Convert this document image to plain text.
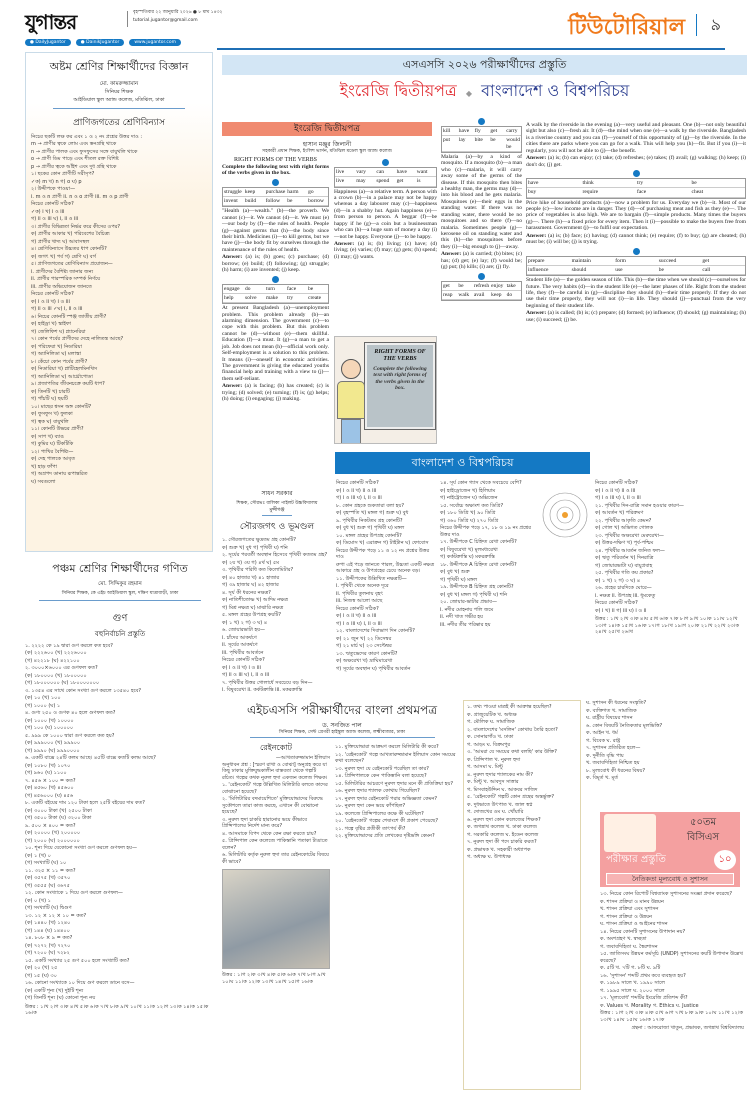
যুগান্তর	বৃহস্পতিবার ২২ জানুয়ারি ২০২৬ ● ৮ মাঘ ১৪৩২
tutorial.jugantor@gmail.com
● DailyJugantor	● DainikJugantor	www.jugantor.com
টিউটোরিয়াল ৯
অষ্টম শ্রেণির শিক্ষার্থীদের বিজ্ঞান
মো. কামরুজ্জামান
সিনিয়র শিক্ষক
আইডিয়াল স্কুল অ্যান্ড কলেজ, মতিঝিল, ঢাকা
প্রাণিজগতের শ্রেণিবিন্যাস

নিচের ছকটি লক্ষ কর এবং ১ ও ২ নং প্রশ্নের উত্তর দাও :

m → প্রাণীর ত্বকে লোম এবং স্তনগ্রন্থি থাকে

n → প্রাণীর পালক এবং ফুসফুসের সঙ্গে বায়ুথলি থাকে

o → প্রাণী ডিম পাড়ে এবং শীতল রক্ত বিশিষ্ট

p → প্রাণীর ত্বকে আঁইশ এবং দুধ গ্রন্থি থাকে

১। ছকের কোন প্রাণীটি সরীসৃপ?

✓ক) m খ) n গ) o ঘ) p

২। উদ্দীপকে পাওয়া—

i. m ও n প্রাণী ii. n ও o প্রাণী iii. m ও p প্রাণী

নিচের কোনটি সঠিক?

✓ক) i খ) i ও iii

গ) ii ও iii ঘ) i, ii ও iii

৩। প্রাণীর বিভিন্নতা নির্ভর করে কীসের ওপর?

ক) প্রাণীর আকার খ) পরিবেশের বৈচিত্র্য

গ) প্রাণীর খাদ্য ঘ) আবাসস্থল

৪। শ্রেণিবিন্যাসে উচ্চতর ধাপ কোনটি?

ক) জগৎ খ) পর্ব গ) শ্রেণি ঘ) বর্গ

৫। প্রাণিজগতের শ্রেণিবিন্যাস প্রয়োজন—

i. প্রাণীদের বৈশিষ্ট্য জানার জন্য

ii. প্রাণীর পারস্পরিক সম্পর্ক নির্ণয়ে

iii. প্রাণীর অভিযোজন জানতে

নিচের কোনটি সঠিক?

ক) i ও ii খ) i ও iii

গ) ii ও iii ✓ঘ) i, ii ও iii

৬। নিচের কোনটি স্পঞ্জ জাতীয় প্রাণী?

ক) হাইড্রা খ) স্কাইফা

গ) জেলিফিশ ঘ) প্ল্যানেরিয়া

৭। কোন পর্বের প্রাণীদের দেহে নালিতন্ত্র আছে?

ক) পরিফেরা খ) নিডারিয়া

গ) অ্যানিলিডা ঘ) মলাস্কা

৮। কেঁচো কোন পর্বের প্রাণী?

ক) নিডারিয়া খ) প্লাটিহেলমিনথিস

গ) অ্যানিলিডা ঘ) আর্থ্রোপোডা

৯। প্রজাপতির জীবনচক্রে কয়টি ধাপ?

ক) তিনটি খ) চারটি

গ) পাঁচটি ঘ) ছয়টি

১০। মাছের শ্বসন অঙ্গ কোনটি?

ক) ফুসফুস খ) ফুলকা

গ) ত্বক ঘ) বায়ুথলি

১১। কোনটি উভচর প্রাণী?

ক) সাপ খ) ব্যাঙ

গ) কুমির ঘ) টিকটিকি

১২। পাখির বৈশিষ্ট্য—

ক) দেহ পালকে আবৃত

খ) হাড় ফাঁপা

গ) অগ্রপদ ডানায় রূপান্তরিত

ঘ) সবগুলো

পঞ্চম শ্রেণির শিক্ষার্থীদের গণিত
মো. সিদ্দিকুর রহমান
সিনিয়র শিক্ষক, কে এইচ আইডিয়াল স্কুল, দক্ষিণ যাত্রাবাড়ী, ঢাকা
গুণ
বহুনির্বাচনি প্রস্তুতি

১. ২২২২ কে ১৯ দ্বারা গুণ করলে কত হবে?

(ক) ২২২৬০০ (খ) ২২২৬০০০

(গ) ৪২২১৮ (ঘ) ৪২২১০০

২. ৩০০০×৬০০০ এর গুণফল কত?

(ক) ১৮০০০০ (খ) ১৮০০০০০

(গ) ১৮০০০০০০ (ঘ) ১৮০০০০০০০

৩. ১৩৫৪ এর সাথে কোন সংখ্যা গুণ করলে ১৩৫৪০ হবে?

(ক) ১০ (খ) ১০০

(গ) ১০০০ (ঘ) ১

৪. গুণ্য ২৫০ ও গুণক ৪০ হলে গুণফল কত?

(ক) ১০০০ (খ) ১০০০০

(গ) ১০০ (ঘ) ১০০০০০

৫. ৯৯৯ কে ১০০০ দ্বারা গুণ করলে কত হয়?

(ক) ৯৯৯০০০ (খ) ৯৯৯০০

(গ) ৯৯৯০ (ঘ) ৯৯৯০০০০

৬. একটি বাক্সে ২৪টি কলম আছে। ৪৫টি বাক্সে কতটি কলম আছে?

(ক) ১০৮০ (খ) ১০৭০

(গ) ৯৬০ (ঘ) ১১০০

৭. ৪৫৬ × ১০০ = কত?

(ক) ৪৫৬০ (খ) ৪৫৬০০

(গ) ৪৫৬০০০ (ঘ) ৪৫৬

৮. একটি বইয়ের দাম ১২০ টাকা হলে ২৫টি বইয়ের দাম কত?

(ক) ৩০০০ টাকা (খ) ২৫০০ টাকা

(গ) ৩৫০০ টাকা (ঘ) ৩২০০ টাকা

৯. ৫০০ × ৪০০ = কত?

(ক) ২০০০০ (খ) ২০০০০০

(গ) ২০০০ (ঘ) ২০০০০০০

১০. শূন্য দিয়ে যেকোনো সংখ্যা গুণ করলে গুণফল হয়—

(ক) ১ (খ) ০

(গ) সংখ্যাটি (ঘ) ১০

১১. ৩২৫ × ১১ = কত?

(ক) ৩৫৭৫ (খ) ৩৫৭০

(গ) ৩৫৫৫ (ঘ) ৩৬৭৫

১২. কোন সংখ্যাকে ১ দিয়ে গুণ করলে গুণফল—

(ক) ০ (খ) ১

(গ) সংখ্যাটি (ঘ) দ্বিগুণ

১৩. ১২ × ১২ × ১০ = কত?

(ক) ১৪৪০ (খ) ১২৪০

(গ) ১৪৪ (ঘ) ১৪৪০০

১৪. ৮০৮ × ৯ = কত?

(ক) ৭২৭২ (খ) ৭২৭০

(গ) ৭২০০ (ঘ) ৭২৮২

১৫. একটি সংখ্যার ২৫ গুণ ৫০০ হলে সংখ্যাটি কত?

(ক) ২০ (খ) ২৫

(গ) ১৫ (ঘ) ৩০

১৬. কোনো সংখ্যাকে ১০ দিয়ে গুণ করলে ডানে বসে—

(ক) একটি শূন্য (খ) দুইটি শূন্য

(গ) তিনটি শূন্য (ঘ) কোনো শূন্য নয়

উত্তর : ১।খ ২।গ ৩।ক ৪।খ ৫।ক ৬।ক ৭।খ ৮।ক ৯।খ ১০।খ ১১।ক ১২।গ ১৩।ক ১৪।ক ১৫।ক ১৬।ক
এসএসসি ২০২৬ পরীক্ষার্থীদের প্রস্তুতি
ইংরেজি দ্বিতীয়পত্র ◆ বাংলাদেশ ও বিশ্বপরিচয়
ইংরেজি দ্বিতীয়পত্র
হাসান মঞ্জুর জিলানী
সহকারী প্রধান শিক্ষক, ইংলিশ ভার্সন, মতিঝিল মডেল স্কুল অ্যান্ড কলেজ
RIGHT FORMS OF THE VERBS
Complete the following text with right forms of the verbs given in the box.
struggle keep	purchase harm	go
invent	build	follow	be	borrow

"Health (a)—wealth." (b)—the proverb. We cannot (c)—it. We cannot (d)—it. We must (e)—our body by (f)—the rules of health. People (g)—against germs that (h)—the body since their birth. Medicines (i)—to kill germs, but we have (j)—the body fit by ourselves through the maintenance of the rules of health.

Answer: (a) is; (b) goes; (c) purchase; (d) borrow; (e) build; (f) following; (g) struggle; (h) harm; (i) are invented; (j) keep.

engage do	turn	face	be
help	solve	make	try	create

At present Bangladesh (a)—unemployment problem. This problem already (b)—an alarming dimension. The government (c)—to cope with this problem. But this problem cannot be (d)—without (e)—them skillful. Education (f)—a must. It (g)—a man to get a job. Job does not mean (h)—official work only. Self-employment is a solution to this problem. It means (i)—oneself in economic activities. The government is giving the educated youths financial help and training with a view to (j)—them self-reliant.

Answer: (a) is facing; (b) has created; (c) is trying; (d) solved; (e) turning; (f) is; (g) helps; (h) doing; (i) engaging; (j) making.

live	vary	can	have	want
live	may	spend	get	is

Happiness (a)—a relative term. A person with a crown (b)—in a palace may not be happy whereas a day labourer may (c)—happiness (d)—in a shabby hut. Again happiness (e)—from person to person. A beggar (f)—be happy if he (g)—a coin but a businessman who can (h)—a huge sum of money a day (i)—not be happy. Everyone (j)—to be happy.

Answer: (a) is; (b) living; (c) have; (d) living; (e) varies; (f) may; (g) gets; (h) spend; (i) may; (j) wants.

kill	have fly	get	carry
put	lay	bite	be	would be

Malaria (a)—by a kind of mosquito. If a mosquito (b)—a man who (c)—malaria, it will carry away some of the germs of the disease. If this mosquito then bites a healthy man, the germs may (d)—into his blood and he gets malaria. Mosquitoes (e)—their eggs in the standing water. If there was no standing water, there would be no mosquitoes and so there (f)—no malaria. Sometimes people (g)—kerosene oil on standing water and this (h)—the mosquitoes before they (i)—big enough to (j)—away.

Answer: (a) is carried; (b) bites; (c) has; (d) get; (e) lay; (f) would be; (g) put; (h) kills; (i) are; (j) fly.

get	be	refresh enjoy take
reap	walk avail	keep do
RIGHT FORMS OF THE VERBS
Complete the following text with right forms of the verbs given in the box.

A walk by the riverside in the evening (a)—very useful and pleasant. One (b)—not only beautiful sight but also (c)—fresh air. It (d)—the mind when one (e)—a walk by the riverside. Bangladesh is a riverine country and you can (f)—yourself of this opportunity of (g)—by the riverside. In the cities there are parks where you can go for a walk. This will help you (h)—fit. But if you (i)—it regularly, you will not be able to (j)—the benefit.

Answer: (a) is; (b) can enjoy; (c) take; (d) refreshes; (e) takes; (f) avail; (g) walking; (h) keep; (i) don't do; (j) get.

have	think	try	be
buy	require	face	cheat

Price hike of household products (a)—now a problem for us. Everyday we (b)—it. Most of our people (c)—low income are in danger. They (d)—of purchasing meat and fish as they (e)—. The price of vegetables is also high. We are to bargain (f)—simple products. Many times the buyers (g)—. There (h)—a fixed price for every item. Then it (i)—possible to make the buyers free from harassment. Government (j)—to fulfil our expectation.

Answer: (a) is; (b) face; (c) having; (d) cannot think; (e) require; (f) to buy; (g) are cheated; (h) must be; (i) will be; (j) is trying.

prepare	maintain	form	succeed	get
influence	should	use	be	call

Student life (a)— the golden season of life. This (b)—the time when we should (c)—ourselves for future. The very habits (d)—in the student life (e)—the later phases of life. Right from the student life, they (f)—be careful in (g)—discipline they should (h)—their time properly. If they do not use their time properly, they will not (i)—in life. They should (j)—punctual from the very beginning of their student life.

Answer: (a) is called; (b) is; (c) prepare; (d) formed; (e) influence; (f) should; (g) maintaining; (h) use; (i) succeed; (j) be.

বাংলাদেশ ও বিশ্বপরিচয়
সাধন সরকার
শিক্ষক, সৌরভঃ বালিকা পাইলট উচ্চবিদ্যালয়
মুন্সীগঞ্জ
সৌরজগৎ ও ভূমণ্ডল

১. সৌরজগতের ক্ষুদ্রতম গ্রহ কোনটি?

ক) শুক্র খ) বুধ গ) পৃথিবী ঘ) শনি

২. সূর্যের পরবর্তী অবস্থান হিসেবে পৃথিবী কততম গ্রহ?

ক) ২য় খ) ৩য় গ) ৪র্থ ঘ) ৫ম

৩. পৃথিবীর পরিধি কত কিলোমিটার?

ক) ৪০ হাজার খ) ৪১ হাজার

গ) ৩৯ হাজার ঘ) ৪২ হাজার

৪. সূর্য কী ধরনের নক্ষত্র?

ক) নাতিশীতোষ্ণ খ) আদিম নক্ষত্র

গ) মিশ্র নক্ষত্র ঘ) মাঝারি নক্ষত্র

৫. মঙ্গল গ্রহের উপগ্রহ কয়টি?

ক) ১ খ) ২ গ) ৩ ঘ) ৪

৬. জোয়ারভাটা হয়—

i. চাঁদের আকর্ষণে

ii. সূর্যের আকর্ষণে

iii. পৃথিবীর আবর্তনে

নিচের কোনটি সঠিক?

ক) i ও ii খ) i ও iii

গ) ii ও iii ঘ) i, ii ও iii

৭. পৃথিবীর উত্তর গোলার্ধে সবচেয়ে বড় দিন—

i. বিষুবরেখা ii. কর্কটক্রান্তি iii. মকরক্রান্তি

নিচের কোনটি সঠিক?

ক) i ও ii খ) ii ও iii

গ) i ও iii ঘ) i, ii ও iii

৮. কোন গ্রহকে শুকতারা বলা হয়?

ক) বৃহস্পতি খ) মঙ্গল গ) শুক্র ঘ) বুধ

৯. পৃথিবীর নিকটতম গ্রহ কোনটি?

ক) বুধ খ) শুক্র গ) পৃথিবী ঘ) মঙ্গল

১০. মঙ্গল গ্রহের উপগ্রহ কোনটি?

ক) ডিমোস খ) এরাক্রন গ) টাইটান ঘ) ফোবোস

নিচের উদ্দীপক পড়ে ১১ ও ১২ নং প্রশ্নের উত্তর দাও

রুপা এই পড়ে জানতে পারল, উচ্চতা একটি নক্ষত্র আকারে গ্রহ ও উপগ্রহের চেয়ে অনেক বড়।

১১. উদ্দীপকের উল্লিখিত নক্ষত্রটি—

i. পৃথিবী থেকে অনেক দূরে

ii. পৃথিবীর তুলনায় বৃহৎ

iii. নিজস্ব আলো আছে

নিচের কোনটি সঠিক?

ক) i ও ii খ) ii ও iii

গ) i ও iii ঘ) i, ii ও iii

১২. বাংলাদেশের দিবাভাগ দিন কোনটি?

ক) ২১ জুন খ) ২২ ডিসেম্বর

গ) ২১ মার্চ ঘ) ২৩ সেপ্টেম্বর

১৩. ঋতুভেদের কারণ কোনটি?

ক) অক্ষরেখা খ) দ্রাঘিমারেখা

গ) সূর্যের অবস্থান ঘ) পৃথিবীর আবর্তন

১৪. সূর্য কোন গ্যাস থেকে সবচেয়ে বেশি?

ক) হাইড্রোজেন খ) হিলিয়াম

গ) নাইট্রোজেন ঘ) অক্সিজেন

১৫. সর্বোচ্চ অক্ষাংশ কত ডিগ্রি?

ক) ১৮০ ডিগ্রি খ) ৯০ ডিগ্রি

গ) ৩৬০ ডিগ্রি ঘ) ২৭০ ডিগ্রি

নিচের উদ্দীপক পড়ে ১৭, ১৮ ও ১৯ নং প্রশ্নের উত্তর দাও

১৭. উদ্দীপকে C চিহ্নিত রেখা কোনটি?

ক) বিষুবরেখা খ) মূলমধ্যরেখা

গ) কর্কটক্রান্তি ঘ) মকরক্রান্তি

১৮. উদ্দীপকে A চিহ্নিত রেখা কোনটি?

ক) বুধ খ) শুক্র

গ) পৃথিবী ঘ) মঙ্গল

১৯. উদ্দীপকে B চিহ্নিত গ্রহ কোনটি?

ক) বুধ খ) মঙ্গল গ) পৃথিবী ঘ) শনি

২০. জোয়ার-ভাটার প্রভাব—

i. নদীর মোহনায় পলি জমে

ii. নদী খাত গভীর হয়

iii. নদীর তীর পরিষ্কার হয়

নিচের কোনটি সঠিক?

ক) i ও ii খ) ii ও iii

গ) i ও iii ঘ) i, ii ও iii

২১. পৃথিবীর দিন-রাত্রি সমান হওয়ার কারণ—

ক) আবর্তন খ) পরিক্রমণ

২২. পৃথিবীর আকৃতি কেমন?

ক) গোল খ) অভিগত গোলক

২৩. পৃথিবীর অক্ষরেখা মেরুরেখা—

ক) উত্তর-দক্ষিণ খ) পূর্ব-পশ্চিম

২৪. পৃথিবীর আবর্তন জনিত ফল—

ক) ঋতু পরিবর্তন খ) দিনরাত্রি

গ) জোয়ারভাটা ঘ) বায়ুপ্রবাহ

২৫. পৃথিবীর গতি কয় প্রকার?

ক) ১ খ) ২ গ) ৩ ঘ) ৪

২৬. গ্রহের চারদিকে ঘোরে—

i. নক্ষত্র ii. উপগ্রহ iii. ধূমকেতু

নিচের কোনটি সঠিক?

ক) i খ) ii গ) iii ঘ) i ও ii

উত্তর : ১।খ ২।খ ৩।ক ৪।ঘ ৫।খ ৬।ক ৭।ক ৮।গ ৯।খ ১০।ক ১১।ঘ ১২।খ ১৩।গ ১৪।ক ১৫।খ ১৬।ক ১৭।গ ১৮।খ ১৯।গ ২০।ক ২১।খ ২২।খ ২৩।ক ২৪।খ ২৫।খ ২৬।খ
এইচএসসি পরীক্ষার্থীদের বাংলা প্রথমপত্র
ড. সনজিত পাল
সিনিয়র শিক্ষক, সেন্ট গ্রেগরী হাইস্কুল অ্যান্ড কলেজ, লক্ষ্মীবাজার, ঢাকা
রেইনকোট
—আখতারুজ্জামান ইলিয়াস

অনুধাবন প্রশ্ন : [স্মরণ রাখা ও বোঝা] অনুগ্রহ করে যা কিছু ঢাকার মুক্তিযুদ্ধকালীন বাস্তবতা থেকে গল্পটি রচিত। গল্পের কথক নুরুল হুদা একজন কলেজ শিক্ষক।

১. 'রেইনকোট' গল্পে উল্লিখিত মিলিটারি বলতে কাদের বোঝানো হয়েছে?

২. 'মিলিটারির বদমায়েশিতে' মুক্তিযোদ্ধাদের বিরুদ্ধে সুকৌশলে তারা কাজ করছে, এখানে কী বোঝানো হয়েছে?

৩. নুরুল হুদা চাকরি হারানোর ভয়ে কীভাবে প্রিন্সিপালের নির্দেশ মান্য করে?

৪. আসমাকে বিপদ থেকে কেন রক্ষা করতে চায়?

৫. প্রিন্সিপাল কেন কলেজে পাকিস্তানি পতাকা টাঙাতে বলেন?

৬. মিলিটারি কর্তৃক নুরুল হুদা তার রেইনকোটের বিষয়ে কী ভাবে?

উত্তর : ১।গ ২।ক ৩।খ ৪।ক ৫।ক ৬।ক ৭।খ ৮।গ ৯।খ ১০।ঘ ১১।ক ১২।ক ১৩।খ ১৪।খ ১৫।গ ১৬।ক

১১. মুক্তিযোদ্ধারা আক্রমণ করলে মিলিটারি কী করে?

১২. 'রেইনকোট' গল্পে আখতারুজ্জামান ইলিয়াস কোন সময়ের কথা বলেছেন?

১৩. নুরুল হুদা যে রেইনকোট পরেছিল তা কার?

১৪. প্রিন্সিপালকে কেন পাকিস্তানি বলা হয়েছে?

১৫. মিলিটারির আচরণে নুরুল হুদার মনে কী প্রতিক্রিয়া হয়?

১৬. নুরুল হুদার শ্যালক কোথায় গিয়েছিল?

১৭. নুরুল হুদার রেইনকোট পরার অভিজ্ঞতা কেমন?

১৮. নুরুল হুদা কেন ভয়ে কাঁপছিল?

১৯. কলেজে প্রিন্সিপালের কক্ষে কী ঘটেছিল?

২০. 'রেইনকোট' গল্পের শেষাংশে কী প্রকাশ পেয়েছে?

২১. গল্পে বৃষ্টির প্রতীকী তাৎপর্য কী?

২২. মুক্তিযোদ্ধাদের প্রতি লেখকের দৃষ্টিভঙ্গি কেমন?

১. তথ্য পাওয়া মাত্রই কী আক্রান্ত হয়েছিল?

ক. গ্রাজুয়েটিক খ. অধ্যক্ষ

গ. মৌলিক ঘ. সামাজিক

২. বাংলাদেশের 'মসলিন' কোথায় তৈরি হতো?

ক. সোনারগাঁও খ. ঢাকা

গ. আড়ং ঘ. বিক্রমপুর

৩. 'আমরা যে সময়ের কথা বলছি' কার উক্তি?

ক. প্রিন্সিপাল খ. নুরুল হুদা

গ. আসমা ঘ. মিন্টু

৪. নুরুল হুদার শ্যালকের নাম কী?

ক. মিন্টু খ. আবদুস সাত্তার

গ. মিসবাহউদ্দিন ঘ. আকবর সাজিদ

৫. 'রেইনকোট' গল্পটি কোন গ্রন্থের অন্তর্ভুক্ত?

ক. দুধভাতে উৎপাত খ. জাল স্বপ্ন

গ. দোজখের ওম ঘ. খোঁয়ারি

৬. নুরুল হুদা কোন কলেজের শিক্ষক?

ক. জগন্নাথ কলেজ খ. ঢাকা কলেজ

গ. সরকারি কলেজ ঘ. ইডেন কলেজ

৭. নুরুল হুদা কী পদে চাকরি করত?

ক. প্রভাষক খ. সহকারী অধ্যাপক

গ. অধ্যক্ষ ঘ. উপাধ্যক্ষ

ঘ. সুশাসন কী ধরনের সংস্কৃতি?

ক. ব্যক্তিগত খ. সামাজিক

ঘ. রাষ্ট্রীয় বিষয়ের শাসন

৬. কোন বিষয়টি নৈতিকতার মূলভিত্তি?

ক. আইন খ. ধর্ম

গ. বিবেক ঘ. রাষ্ট্র

৭. সুশাসন প্রতিষ্ঠিত হলে—

ক. দুর্নীতি বৃদ্ধি পায়

খ. জবাবদিহিতা নিশ্চিত হয়

৮. মূল্যবোধ কী ধরনের বিষয়?

ক. বিমূর্ত খ. মূর্ত

৫০তম
বিসিএস
পরীক্ষার প্রস্তুতি	১০
নৈতিকতা মূল্যবোধ ও সুশাসন

১৩. নিচের কোন রিপোর্ট বিশ্বব্যাংক সুশাসনের সংজ্ঞা প্রদান করেছে?

ক. শাসন প্রক্রিয়া ও মানব উন্নয়ন

খ. শাসন প্রক্রিয়া এবং সুশাসন

গ. শাসন প্রক্রিয়া ও উন্নয়ন

ঘ. শাসন প্রক্রিয়া ও আইনের শাসন

১৪. নিচের কোনটি সুশাসনের উপাদান নয়?

ক. অংশগ্রহণ খ. স্বচ্ছতা

গ. জবাবদিহিতা ঘ. স্বৈরশাসন

১৫. জাতিসংঘ উন্নয়ন কর্মসূচি (UNDP) সুশাসনের কয়টি উপাদান উল্লেখ করেছে?

ক. ৫টি খ. ৭টি গ. ৮টি ঘ. ৯টি

১৬. 'সুশাসন' শব্দটি প্রথম কবে ব্যবহৃত হয়?

ক. ১৯৮৯ সালে খ. ১৯৯০ সালে

গ. ১৯৯৫ সালে ঘ. ২০০০ সালে

১৭. 'মূল্যবোধ' শব্দটির ইংরেজি প্রতিশব্দ কী?

ক. Values খ. Morality গ. Ethics ঘ. Justice

উত্তর : ১।গ ২।খ ৩।ক ৪।ক ৫।খ ৬।গ ৭।খ ৮।ক ৯।ক ১০।ঘ ১১।খ ১২।ক ১৩।খ ১৪।ঘ ১৫।ঘ ১৬।ক ১৭।ক

গ্রন্থনা : আফরোজা খাতুন, প্রভাষক, জগন্নাথ বিশ্ববিদ্যালয়
